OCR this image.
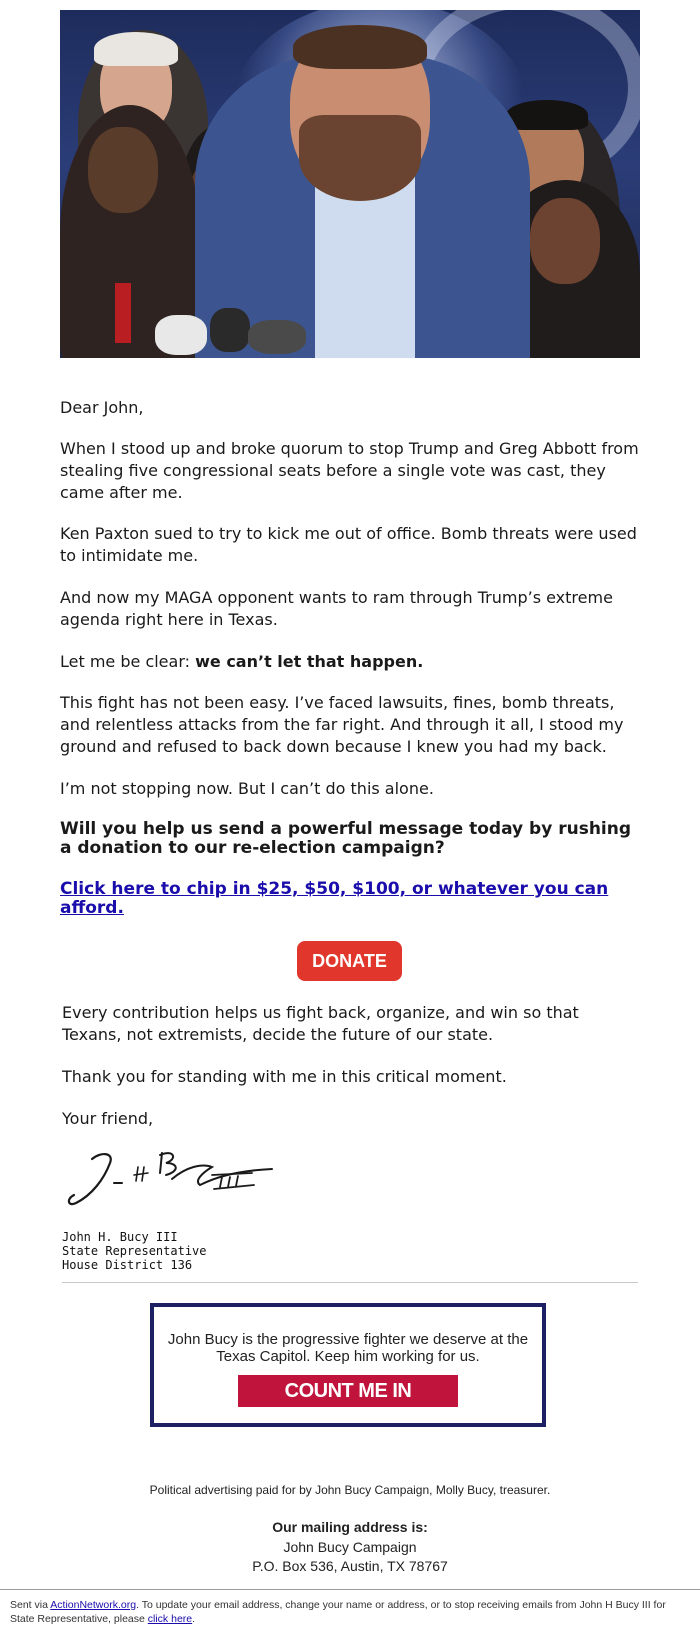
Dear John,

When I stood up and broke quorum to stop Trump and Greg Abbott from stealing five congressional seats before a single vote was cast, they came after me.

Ken Paxton sued to try to kick me out of office. Bomb threats were used to intimidate me.

And now my MAGA opponent wants to ram through Trump’s extreme agenda right here in Texas.

Let me be clear: we can’t let that happen.

This fight has not been easy. I’ve faced lawsuits, fines, bomb threats, and relentless attacks from the far right. And through it all, I stood my ground and refused to back down because I knew you had my back.

I’m not stopping now. But I can’t do this alone.

Will you help us send a powerful message today by rushing a donation to our re-election campaign?

Click here to chip in $25, $50, $100, or whatever you can afford.
DONATE

Every contribution helps us fight back, organize, and win so that Texans, not extremists, decide the future of our state.

Thank you for standing with me in this critical moment.

Your friend,

John H. Bucy III
State Representative
House District 136
John Bucy is the progressive fighter we deserve at the Texas Capitol. Keep him working for us.
COUNT ME IN
Political advertising paid for by John Bucy Campaign, Molly Bucy, treasurer.
Our mailing address is:
John Bucy Campaign
P.O. Box 536, Austin, TX 78767
Sent via ActionNetwork.org. To update your email address, change your name or address, or to stop receiving emails from John H Bucy III for State Representative, please click here.
